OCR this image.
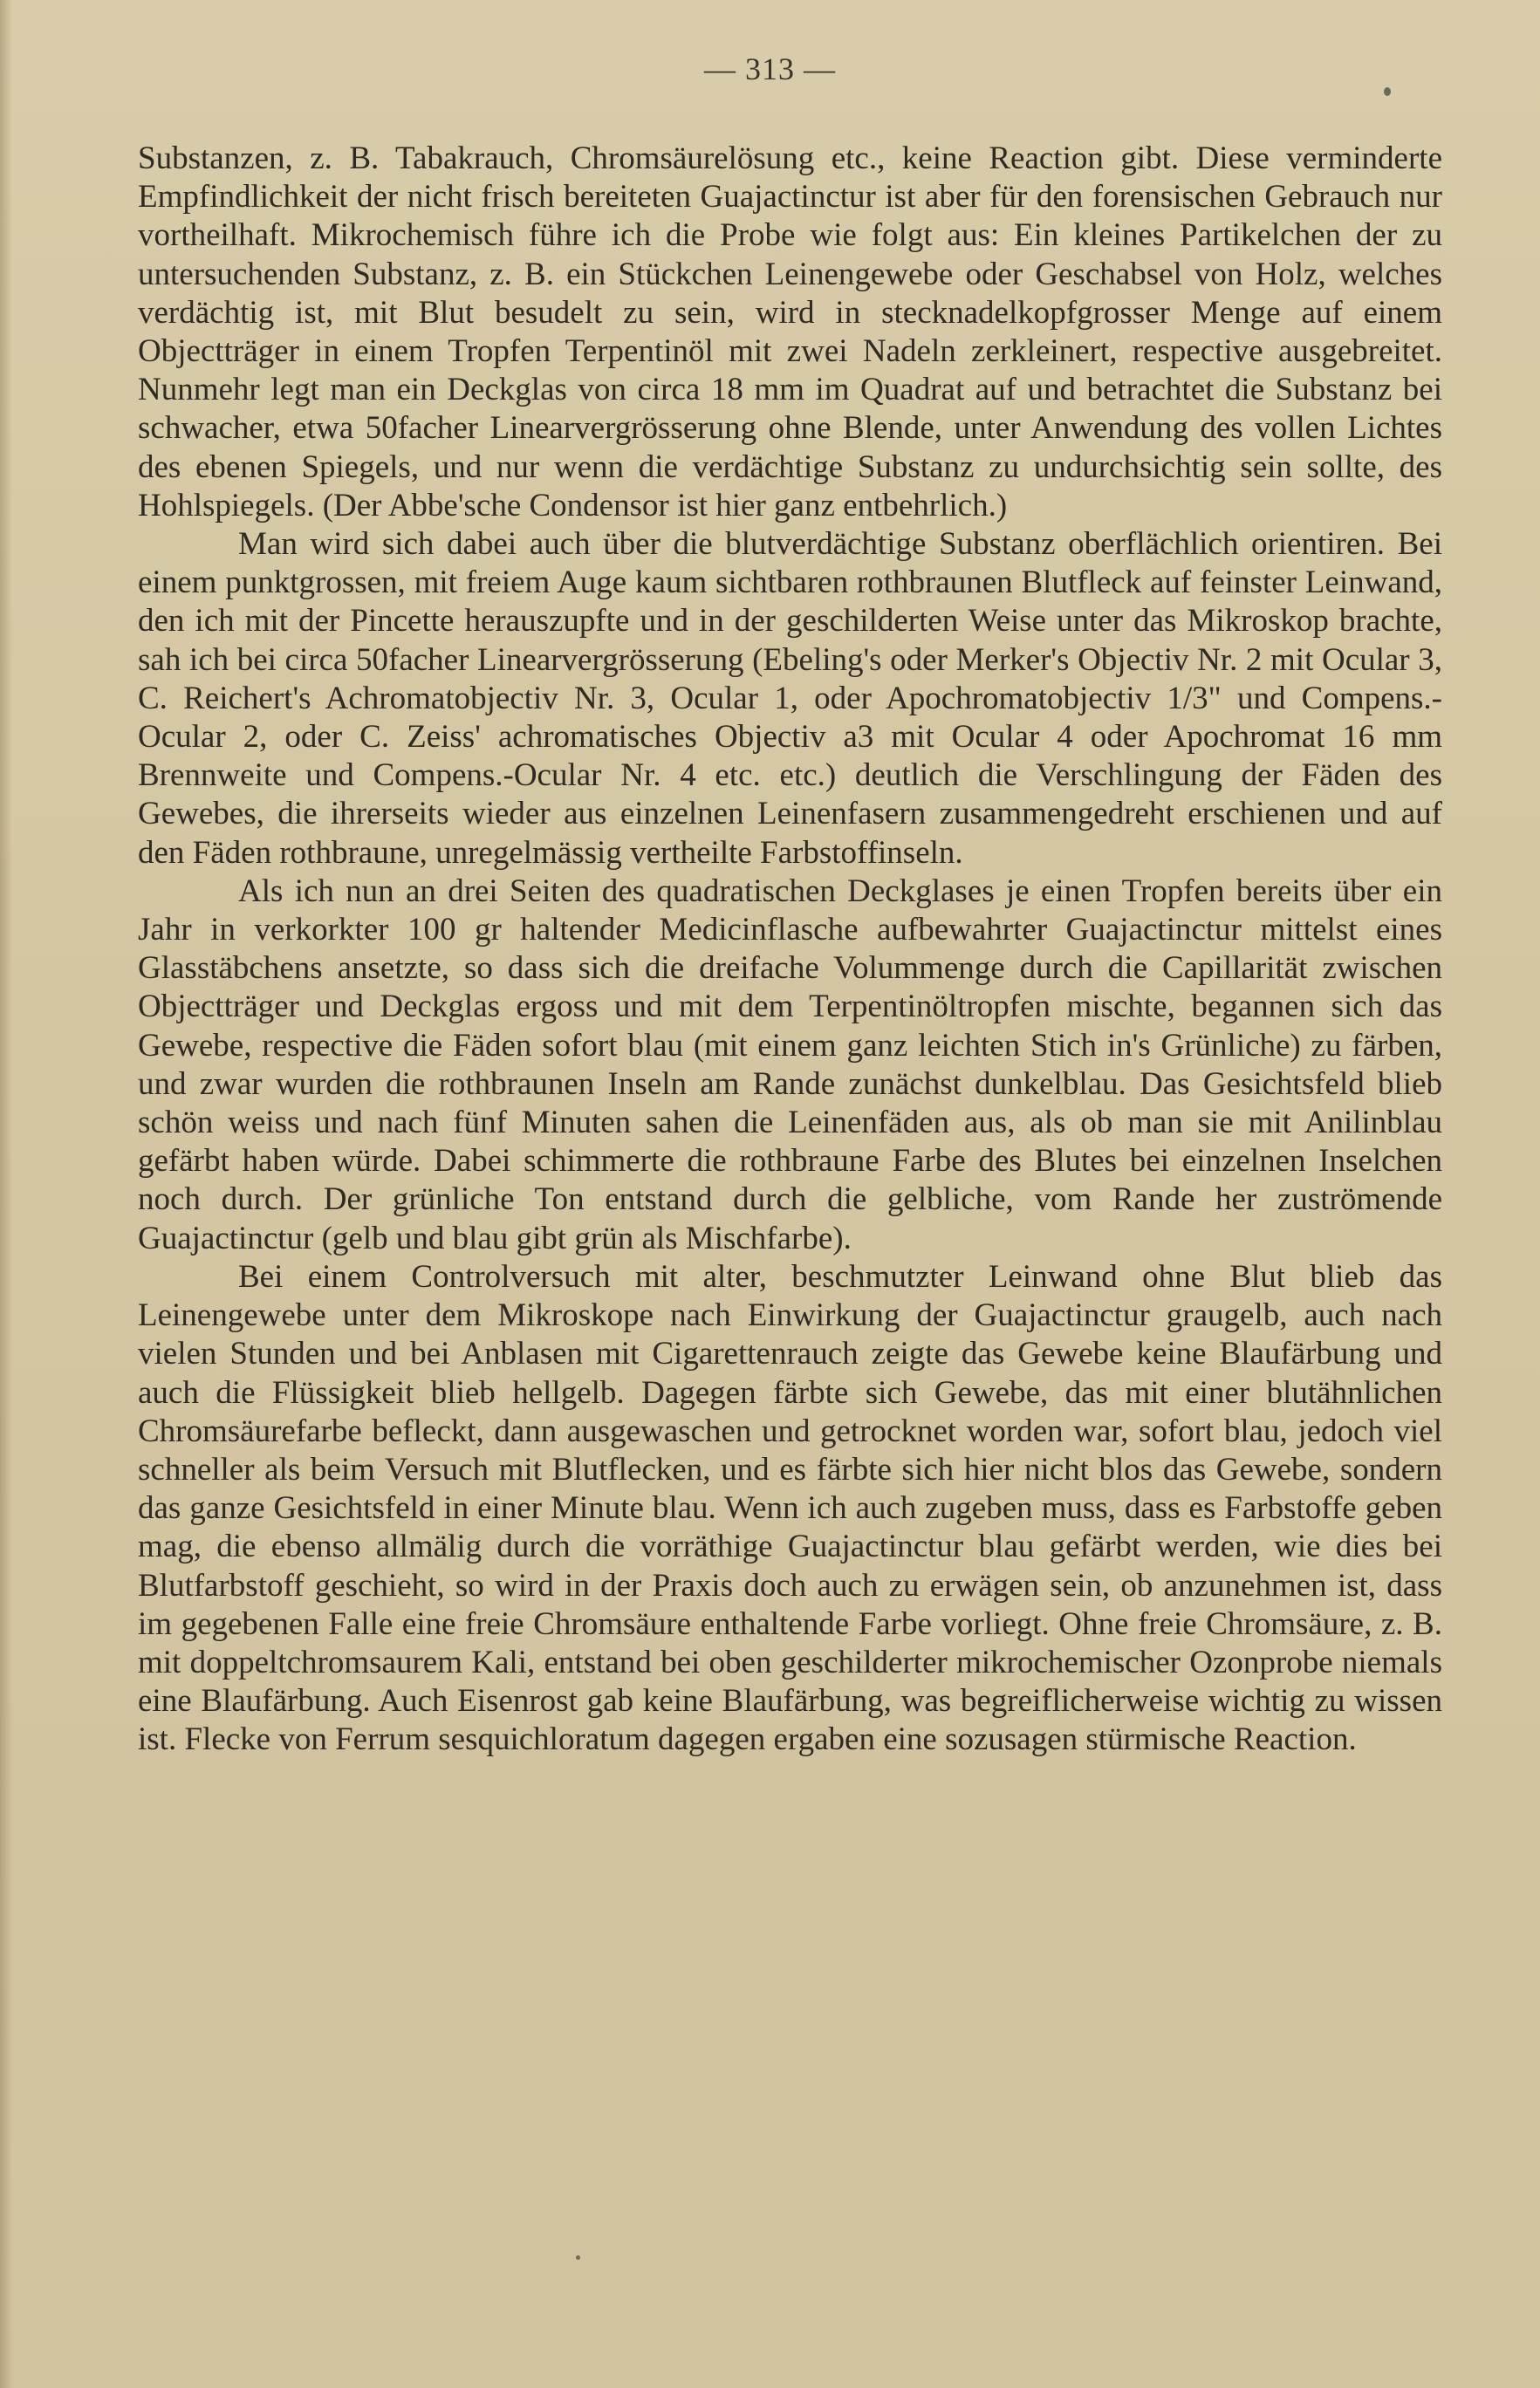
— 313 —

Substanzen, z. B. Tabakrauch, Chromsäurelösung etc., keine Reaction gibt. Diese verminderte Empfindlichkeit der nicht frisch bereiteten Guajactinctur ist aber für den forensischen Gebrauch nur vortheilhaft. Mikrochemisch führe ich die Probe wie folgt aus: Ein kleines Partikelchen der zu untersuchenden Substanz, z. B. ein Stückchen Leinengewebe oder Geschabsel von Holz, welches verdächtig ist, mit Blut besudelt zu sein, wird in stecknadelkopfgrosser Menge auf einem Objectträger in einem Tropfen Terpentinöl mit zwei Nadeln zerkleinert, respective ausgebreitet. Nunmehr legt man ein Deckglas von circa 18 mm im Quadrat auf und betrachtet die Substanz bei schwacher, etwa 50facher Linearvergrösserung ohne Blende, unter Anwendung des vollen Lichtes des ebenen Spiegels, und nur wenn die verdächtige Substanz zu undurchsichtig sein sollte, des Hohlspiegels. (Der Abbe'sche Condensor ist hier ganz entbehrlich.)

Man wird sich dabei auch über die blutverdächtige Substanz oberflächlich orientiren. Bei einem punktgrossen, mit freiem Auge kaum sichtbaren rothbraunen Blutfleck auf feinster Leinwand, den ich mit der Pincette herauszupfte und in der geschilderten Weise unter das Mikroskop brachte, sah ich bei circa 50facher Linearvergrösserung (Ebeling's oder Merker's Objectiv Nr. 2 mit Ocular 3, C. Reichert's Achromatobjectiv Nr. 3, Ocular 1, oder Apochromatobjectiv 1/3" und Compens.-Ocular 2, oder C. Zeiss' achromatisches Objectiv a3 mit Ocular 4 oder Apochromat 16 mm Brennweite und Compens.-Ocular Nr. 4 etc. etc.) deutlich die Verschlingung der Fäden des Gewebes, die ihrerseits wieder aus einzelnen Leinenfasern zusammengedreht erschienen und auf den Fäden rothbraune, unregelmässig vertheilte Farbstoffinseln.

Als ich nun an drei Seiten des quadratischen Deckglases je einen Tropfen bereits über ein Jahr in verkorkter 100 gr haltender Medicinflasche aufbewahrter Guajactinctur mittelst eines Glasstäbchens ansetzte, so dass sich die dreifache Volummenge durch die Capillarität zwischen Objectträger und Deckglas ergoss und mit dem Terpentinöltropfen mischte, begannen sich das Gewebe, respective die Fäden sofort blau (mit einem ganz leichten Stich in's Grünliche) zu färben, und zwar wurden die rothbraunen Inseln am Rande zunächst dunkelblau. Das Gesichtsfeld blieb schön weiss und nach fünf Minuten sahen die Leinenfäden aus, als ob man sie mit Anilinblau gefärbt haben würde. Dabei schimmerte die rothbraune Farbe des Blutes bei einzelnen Inselchen noch durch. Der grünliche Ton entstand durch die gelbliche, vom Rande her zuströmende Guajactinctur (gelb und blau gibt grün als Mischfarbe).

Bei einem Controlversuch mit alter, beschmutzter Leinwand ohne Blut blieb das Leinengewebe unter dem Mikroskope nach Einwirkung der Guajactinctur graugelb, auch nach vielen Stunden und bei Anblasen mit Cigarettenrauch zeigte das Gewebe keine Blaufärbung und auch die Flüssigkeit blieb hellgelb. Dagegen färbte sich Gewebe, das mit einer blutähnlichen Chromsäurefarbe befleckt, dann ausgewaschen und getrocknet worden war, sofort blau, jedoch viel schneller als beim Versuch mit Blutflecken, und es färbte sich hier nicht blos das Gewebe, sondern das ganze Gesichtsfeld in einer Minute blau. Wenn ich auch zugeben muss, dass es Farbstoffe geben mag, die ebenso allmälig durch die vorräthige Guajactinctur blau gefärbt werden, wie dies bei Blutfarbstoff geschieht, so wird in der Praxis doch auch zu erwägen sein, ob anzunehmen ist, dass im gegebenen Falle eine freie Chromsäure enthaltende Farbe vorliegt. Ohne freie Chromsäure, z. B. mit doppeltchromsaurem Kali, entstand bei oben geschilderter mikrochemischer Ozonprobe niemals eine Blaufärbung. Auch Eisenrost gab keine Blaufärbung, was begreiflicherweise wichtig zu wissen ist. Flecke von Ferrum sesquichloratum dagegen ergaben eine sozusagen stürmische Reaction.
